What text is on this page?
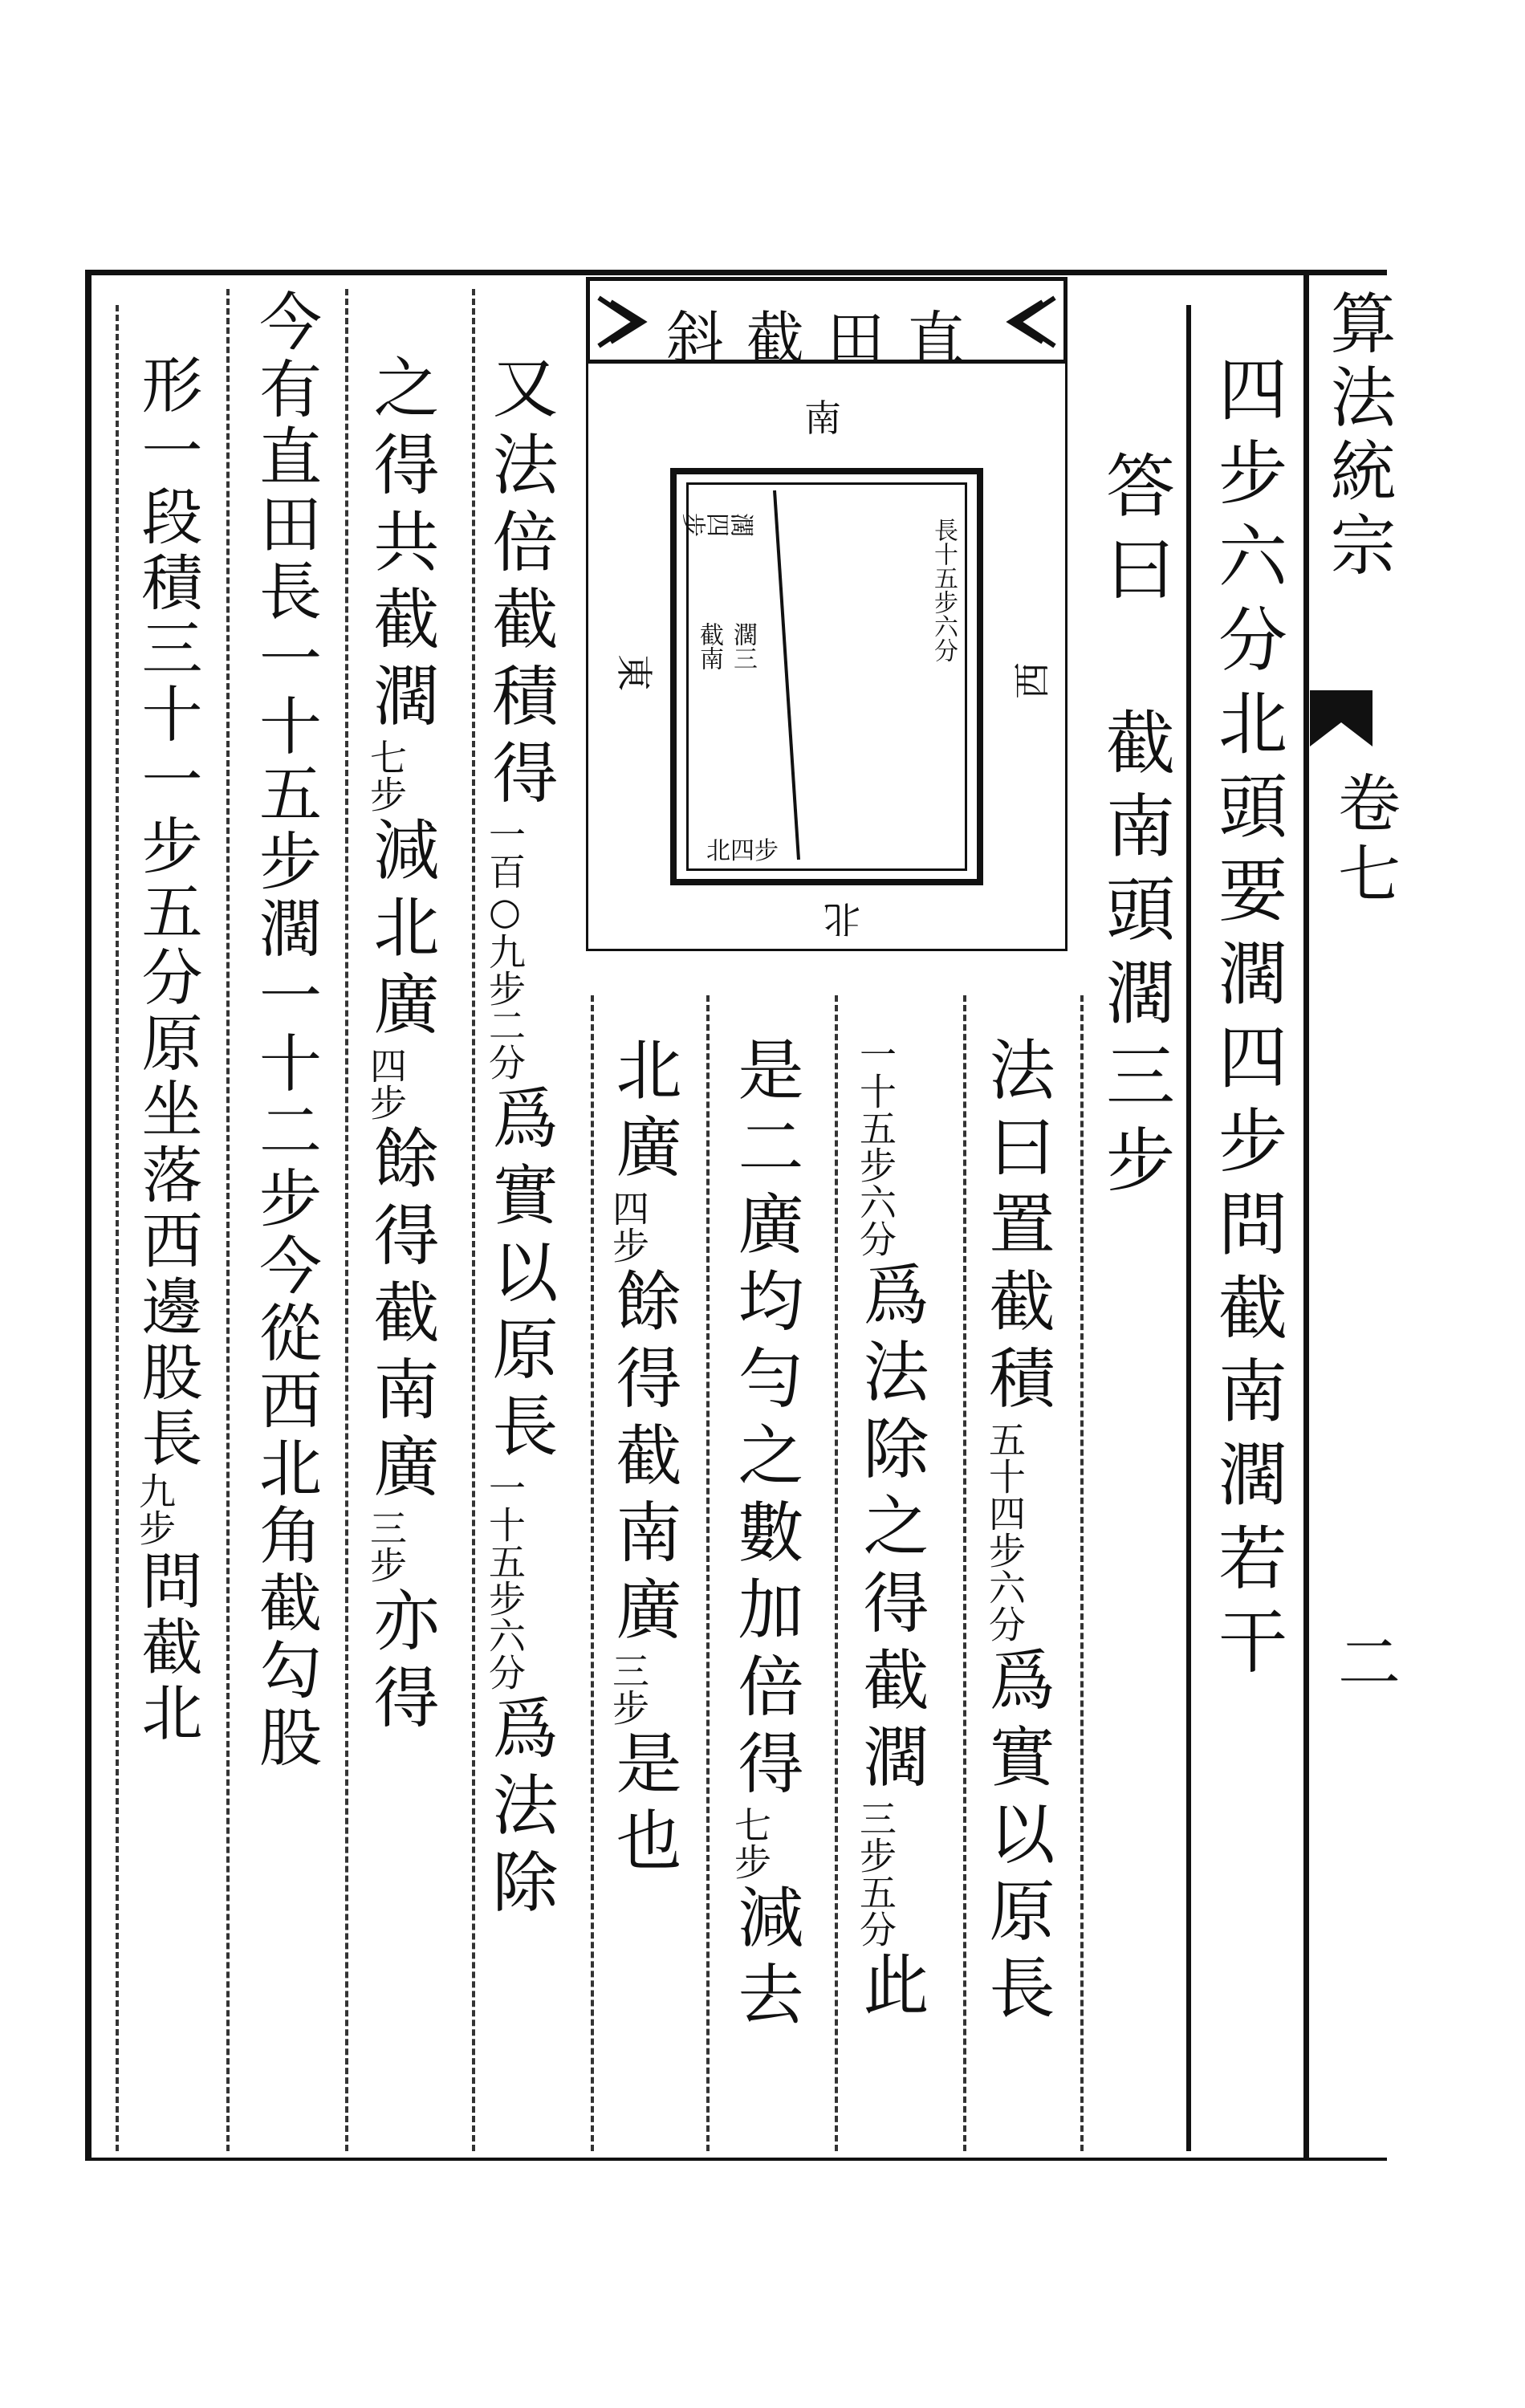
算法統宗
卷七
二
四步六分北頭要濶四步問截南濶若干
答曰
截南頭濶三步
法曰置截積
五十四步六分
爲實以原長
一十五步六分
爲法除之得截濶
三步五分
此
是二廣均勻之數加倍得
七步
減去
北廣
四步
餘得截南廣
三步
是也
直田截斜
南
北
東	西
長十五步六分
濶四步
截南 濶三
北四步
又法倍截積得
一百○九步二分
爲實以原長
一十五步六分
爲法除
之得共截濶
七步
減北廣
四步
餘得截南廣
三步
亦得
今有直田長一十五步濶一十二步今從西北角截勾股
形一段積三十一步五分原坐落西邊股長
九步
問截北
